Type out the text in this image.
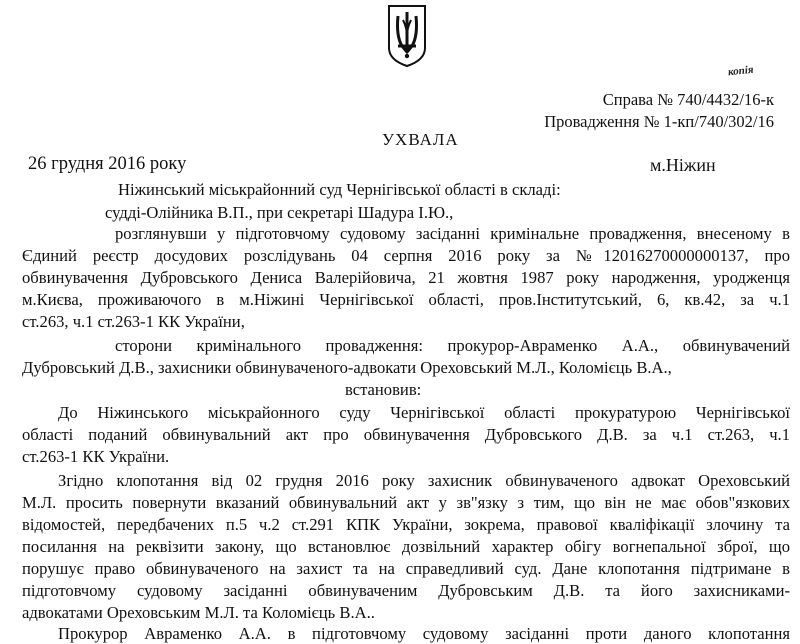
копія
Справа № 740/4432/16-к
Провадження № 1-кп/740/302/16
УХВАЛА
26 грудня 2016 року	м.Ніжин
Ніжинський міськрайонний суд Чернігівської області в складі:
судді-Олійника В.П., при секретарі Шадура І.Ю.,
розглянувши у підготовчому судовому засіданні кримінальне провадження, внесеному в
Єдиний реєстр досудових розслідувань 04 серпня 2016 року за №12016270000000137, про
обвинувачення Дубровського Дениса Валерійовича, 21 жовтня 1987 року народження, уродженця
м.Києва, проживаючого в м.Ніжині Чернігівської області, пров.Інститутський, 6, кв.42, за ч.1
ст.263, ч.1 ст.263-1 КК України,
сторони кримінального провадження: прокурор-Авраменко А.А., обвинувачений
Дубровський Д.В., захисники обвинуваченого-адвокати Ореховський М.Л., Коломієць В.А.,
встановив:
До Ніжинського міськрайонного суду Чернігівської області прокуратурою Чернігівської
області поданий обвинувальний акт про обвинувачення Дубровського Д.В. за ч.1 ст.263, ч.1
ст.263-1 КК України.
Згідно клопотання від 02 грудня 2016 року захисник обвинуваченого адвокат Ореховський
М.Л. просить повернути вказаний обвинувальний акт у зв"язку з тим, що він не має обов"язкових
відомостей, передбачених п.5 ч.2 ст.291 КПК України, зокрема, правової кваліфікації злочину та
посилання на реквізити закону, що встановлює дозвільний характер обігу вогнепальної зброї, що
порушує право обвинуваченого на захист та на справедливий суд. Дане клопотання підтримане в
підготовчому судовому засіданні обвинуваченим Дубровським Д.В. та його захисниками-
адвокатами Ореховським М.Л. та Коломієць В.А..
Прокурор Авраменко А.А. в підготовчому судовому засіданні проти даного клопотання
